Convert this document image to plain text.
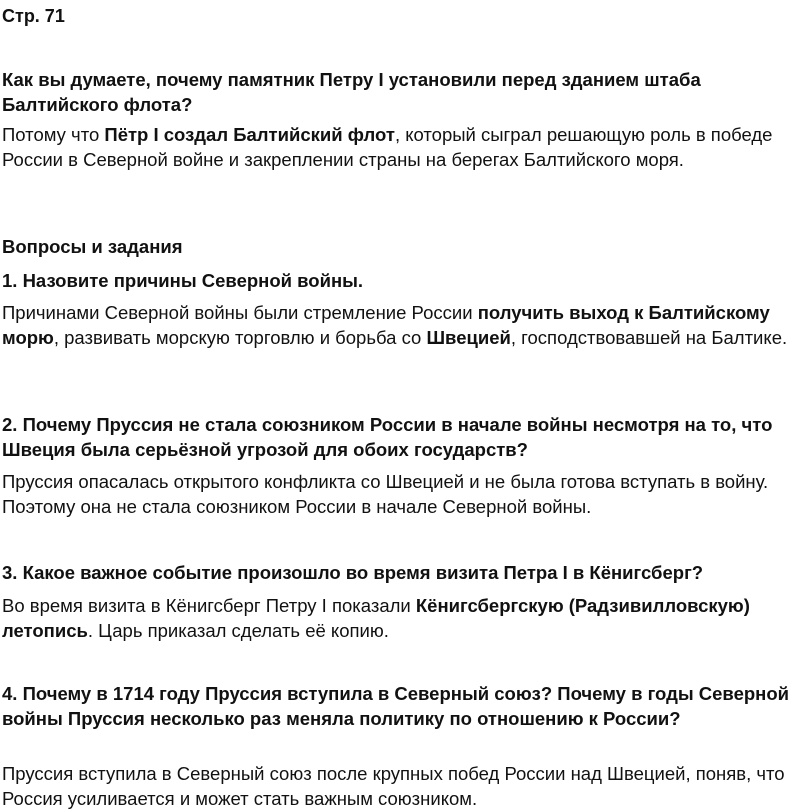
Стр. 71

Как вы думаете, почему памятник Петру I установили перед зданием штаба Балтийского флота?

Потому что Пётр I создал Балтийский флот, который сыграл решающую роль в победе России в Северной войне и закреплении страны на берегах Балтийского моря.

Вопросы и задания

1. Назовите причины Северной войны.

Причинами Северной войны были стремление России получить выход к Балтийскому морю, развивать морскую торговлю и борьба со Швецией, господствовавшей на Балтике.

2. Почему Пруссия не стала союзником России в начале войны несмотря на то, что Швеция была серьёзной угрозой для обоих государств?

Пруссия опасалась открытого конфликта со Швецией и не была готова вступать в войну. Поэтому она не стала союзником России в начале Северной войны.

3. Какое важное событие произошло во время визита Петра I в Кёнигсберг?

Во время визита в Кёнигсберг Петру I показали Кёнигсбергскую (Радзивилловскую) летопись. Царь приказал сделать её копию.

4. Почему в 1714 году Пруссия вступила в Северный союз? Почему в годы Северной войны Пруссия несколько раз меняла политику по отношению к России?

Пруссия вступила в Северный союз после крупных побед России над Швецией, поняв, что Россия усиливается и может стать важным союзником.
